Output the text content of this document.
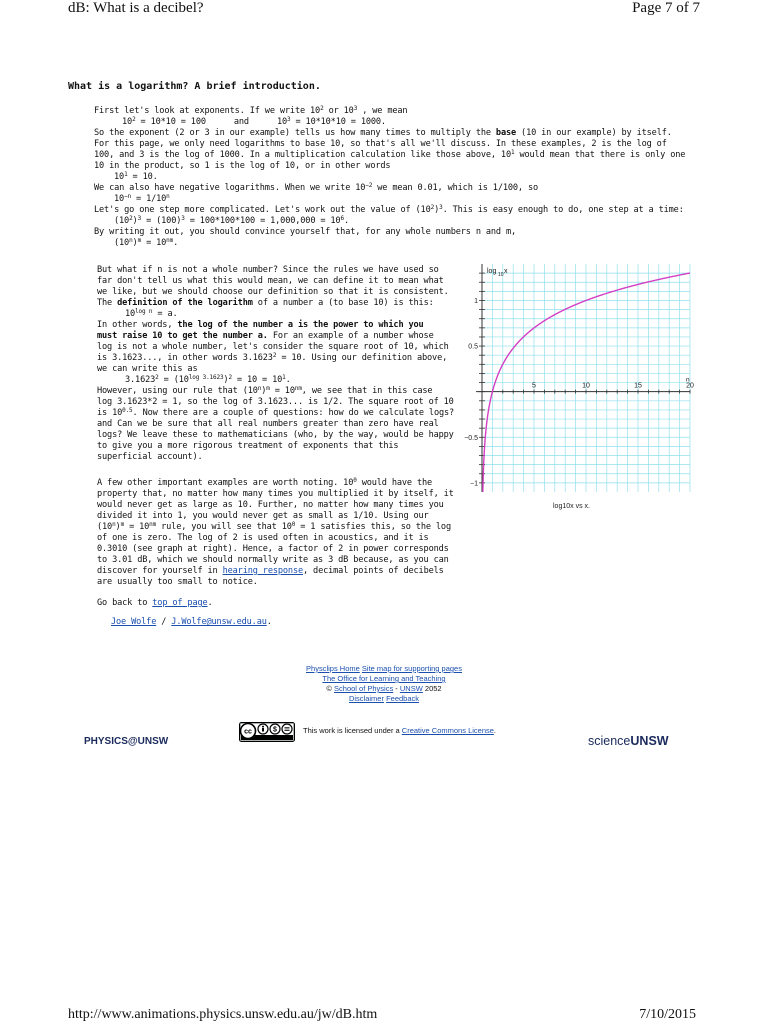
dB: What is a decibel?	Page 7 of 7
What is a logarithm? A brief introduction.
First let's look at exponents. If we write $10^2$ or $10^3$ , we mean
$10^2 = 10*10 = 100$	and	$10^3 = 10*10*10 = 1000$.
So the exponent (2 or 3 in our example) tells us how many times to multiply the base (10 in our example) by itself.
For this page, we only need logarithms to base 10, so that's all we'll discuss. In these examples, 2 is the log of
100, and 3 is the log of 1000. In a multiplication calculation like those above, $10^1$ would mean that there is only one
10 in the product, so 1 is the log of 10, or in other words
$10^1 = 10$.
We can also have negative logarithms. When we write $10^{-2}$ we mean 0.01, which is 1/100, so
$10^{-n} = 1/10^n$
Let's go one step more complicated. Let's work out the value of $(10^2)^3$. This is easy enough to do, one step at a time:
$(10^2)^3 = (100)^3 = 100*100*100 = 1,000,000 = 10^6$.
By writing it out, you should convince yourself that, for any whole numbers n and m,
$(10^n)^m = 10^{nm}$.
But what if n is not a whole number? Since the rules we have used so
far don't tell us what this would mean, we can define it to mean what
we like, but we should choose our definition so that it is consistent.
The definition of the logarithm of a number a (to base 10) is this:
$10^{log n} = a$.
In other words, the log of the number a is the power to which you
must raise 10 to get the number a. For an example of a number whose
log is not a whole number, let's consider the square root of 10, which
is 3.1623..., in other words $3.1623^2 = 10$. Using our definition above,
we can write this as
$3.1623^2 = (10^{log 3.1623})^2 = 10 = 10^1$.
However, using our rule that $(10^n)^m = 10^{nm}$, we see that in this case
log 3.1623*2 = 1, so the log of 3.1623... is 1/2. The square root of 10
is $10^{0.5}$. Now there are a couple of questions: how do we calculate logs?
and Can we be sure that all real numbers greater than zero have real
logs? We leave these to mathematicians (who, by the way, would be happy
to give you a more rigorous treatment of exponents that this
superficial account).
A few other important examples are worth noting. $10^0$ would have the
property that, no matter how many times you multiplied it by itself, it
would never get as large as 10. Further, no matter how many times you
divided it into 1, you would never get as small as 1/10. Using our
$(10^n)^m = 10^{nm}$ rule, you will see that $10^0 = 1$ satisfies this, so the log
of one is zero. The log of 2 is used often in acoustics, and it is
0.3010 (see graph at right). Hence, a factor of 2 in power corresponds
to 3.01 dB, which we should normally write as 3 dB because, as you can
discover for yourself in hearing response, decimal points of decibels
are usually too small to notice.
Go back to top of page.
Joe Wolfe / J.Wolfe@unsw.edu.au.
5	10	15	20
0.5
1
−0.5
−1
n
log 10 x
log10x vs x.
Physclips Home Site map for supporting pages
The Office for Learning and Teaching
© School of Physics - UNSW 2052
Disclaimer Feedback
cc	$	This work is licensed under a Creative Commons License.
PHYSICS@UNSW	scienceUNSW
http://www.animations.physics.unsw.edu.au/jw/dB.htm	7/10/2015
